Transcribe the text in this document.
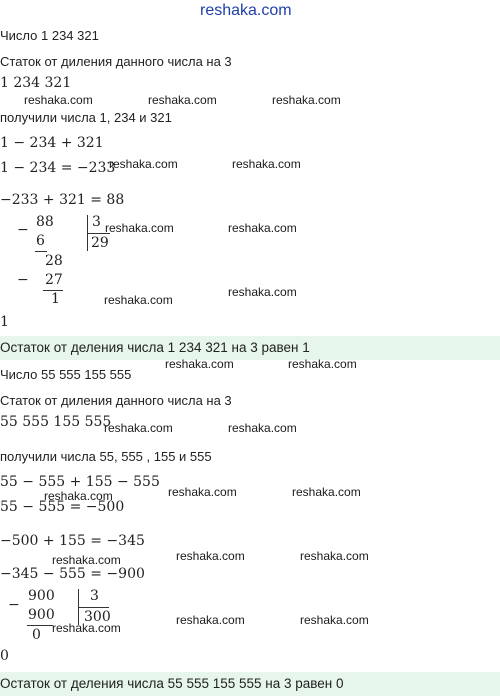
reshaka.com
Число 1 234 321
Статок от диления данного числа на 3
1 234 321
reshaka.com	reshaka.com	reshaka.com
получили числа 1, 234 и 321
1 − 234 + 321
1 − 234 = −233
reshaka.com	reshaka.com
−233 + 321 = 88
− 88
6
3
29
28
− 27
1
reshaka.com	reshaka.com
reshaka.com
reshaka.com
1
Остаток от деления числа 1 234 321 на 3 равен 1
reshaka.com	reshaka.com
Число 55 555 155 555
Статок от диления данного числа на 3
55 555 155 555
reshaka.com	reshaka.com
получили числа 55, 555 , 155 и 555
55 − 555 + 155 − 555
reshaka.com	reshaka.com	reshaka.com
55 − 555 = −500
−500 + 155 = −345
reshaka.com	reshaka.com	reshaka.com
−345 − 555 = −900
−
900
900
3
300
0 reshaka.com
reshaka.com	reshaka.com
0
Остаток от деления числа 55 555 155 555 на 3 равен 0
